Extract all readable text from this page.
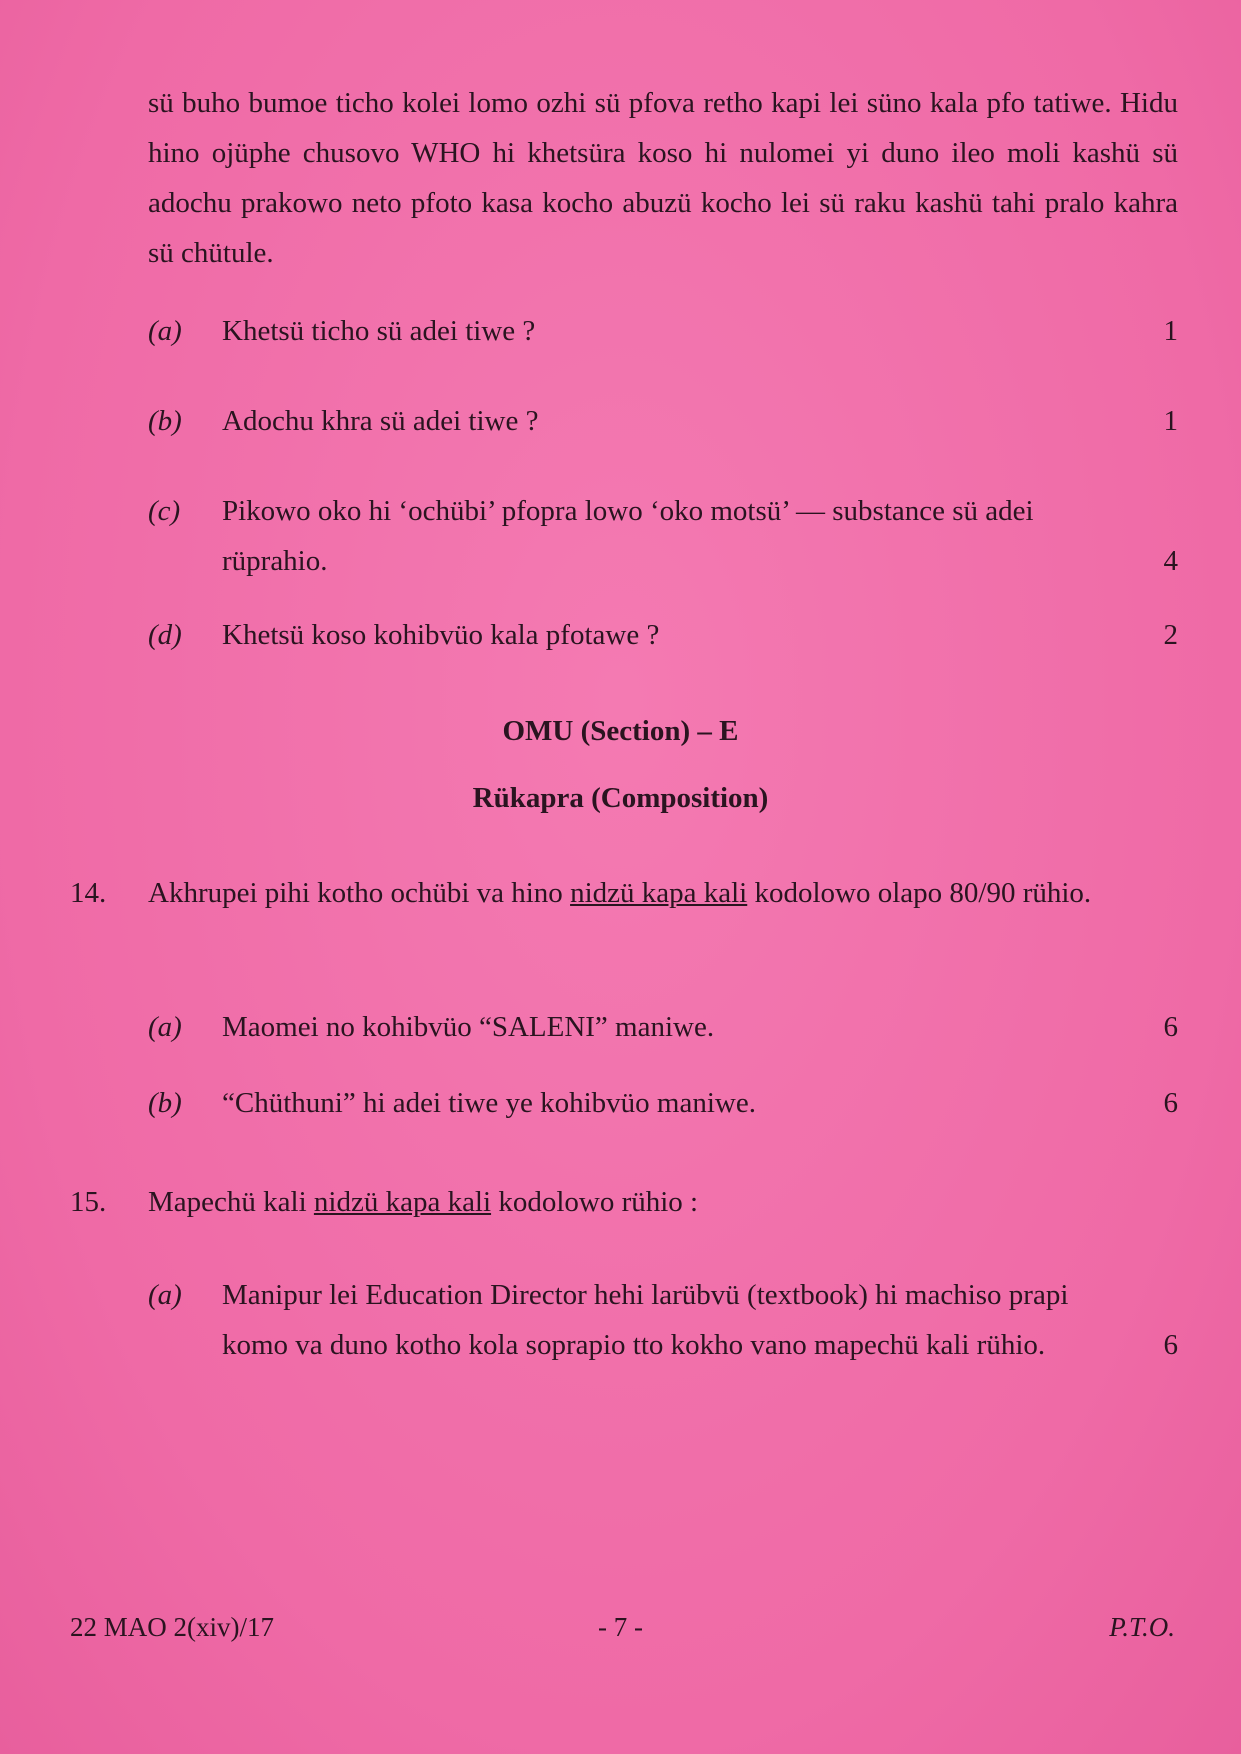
sü buho bumoe ticho kolei lomo ozhi sü pfova retho kapi lei süno kala pfo tatiwe. Hidu hino ojüphe chusovo WHO hi khetsüra koso hi nulomei yi duno ileo moli kashü sü adochu prakowo neto pfoto kasa kocho abuzü kocho lei sü raku kashü tahi pralo kahra sü chütule.

(a) Khetsü ticho sü adei tiwe ?	1
(b) Adochu khra sü adei tiwe ?	1
(c) Pikowo oko hi ‘ochübi’ pfopra lowo ‘oko motsü’ — substance sü adei rüprahio.	4
(d) Khetsü koso kohibvüo kala pfotawe ?	2
OMU (Section) – E
Rükapra (Composition)
14. Akhrupei pihi kotho ochübi va hino nidzü kapa kali kodolowo olapo 80/90 rühio.
(a) Maomei no kohibvüo “SALENI” maniwe.	6
(b) “Chüthuni” hi adei tiwe ye kohibvüo maniwe.	6
15. Mapechü kali nidzü kapa kali kodolowo rühio :
(a) Manipur lei Education Director hehi larübvü (textbook) hi machiso prapi komo va duno kotho kola soprapio tto kokho vano mapechü kali rühio.	6
22 MAO 2(xiv)/17	- 7 -	P.T.O.
